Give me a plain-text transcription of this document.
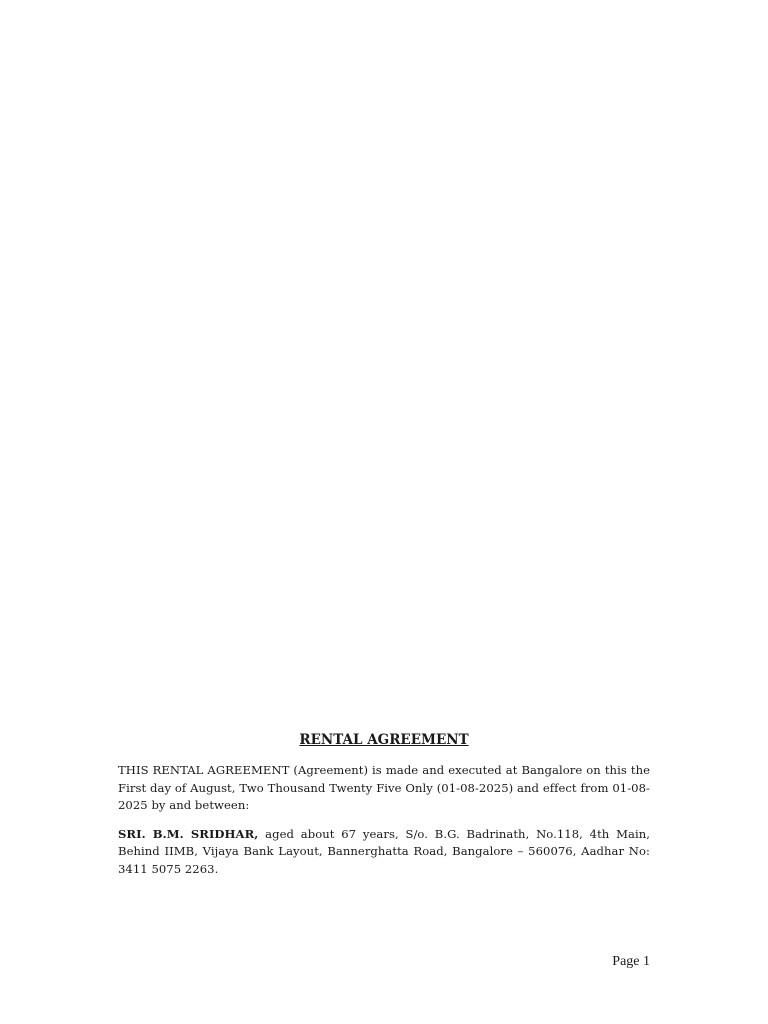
RENTAL AGREEMENT

THIS RENTAL AGREEMENT (Agreement) is made and executed at Bangalore on this the First day of August, Two Thousand Twenty Five Only (01-08-2025) and effect from 01-08-2025 by and between:

SRI. B.M. SRIDHAR, aged about 67 years, S/o. B.G. Badrinath, No.118, 4th Main, Behind IIMB, Vijaya Bank Layout, Bannerghatta Road, Bangalore – 560076, Aadhar No: 3411 5075 2263.

Page 1
